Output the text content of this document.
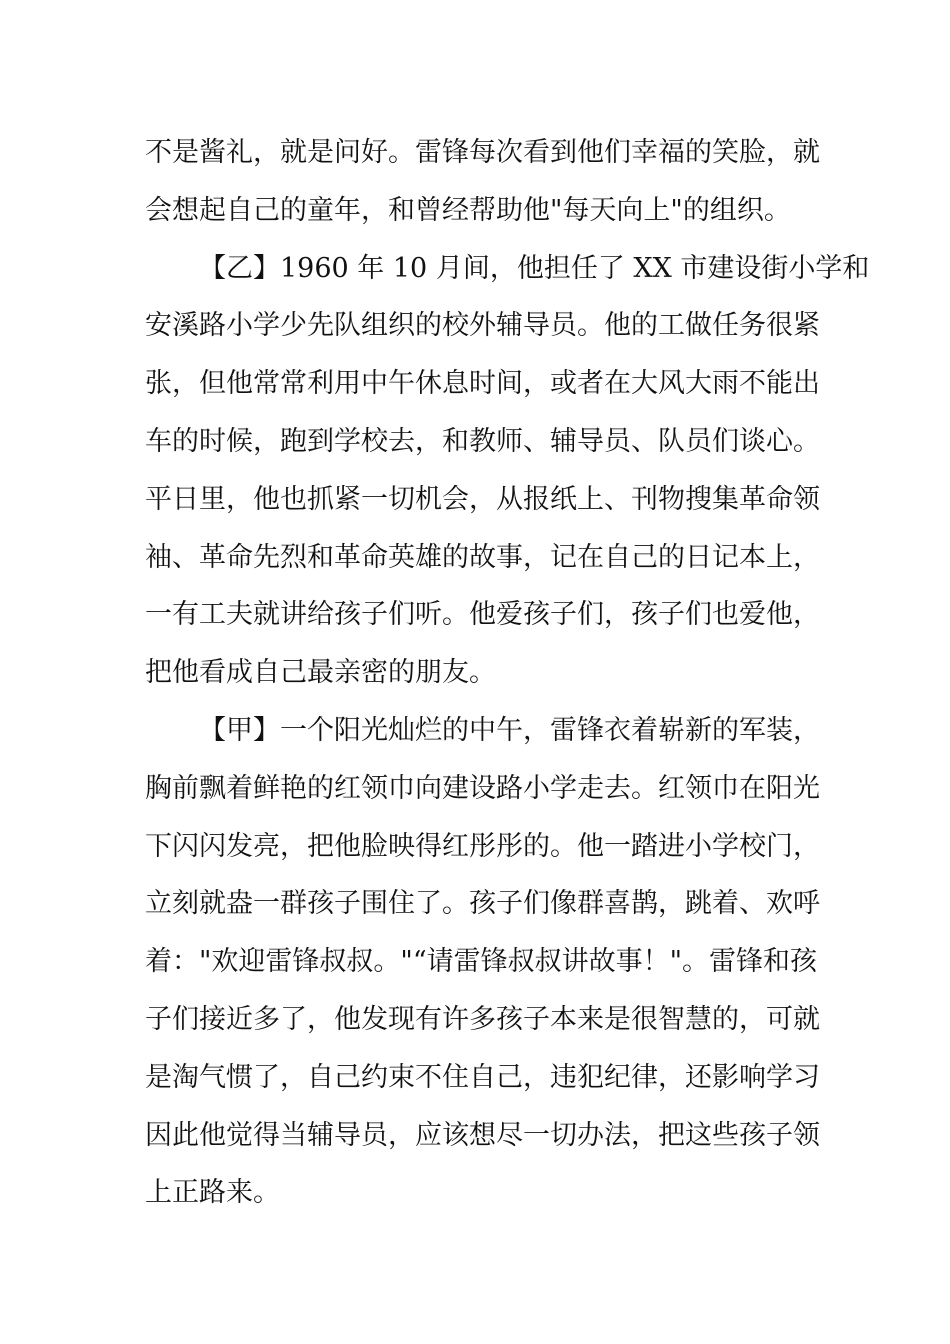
不是酱礼，就是问好。雷锋每次看到他们幸福的笑脸，就
会想起自己的童年，和曾经帮助他"每天向上"的组织。
【乙】1960 年 10 月间，他担任了 XX 市建设街小学和
安溪路小学少先队组织的校外辅导员。他的工做任务很紧
张，但他常常利用中午休息时间，或者在大风大雨不能出
车的时候，跑到学校去，和教师、辅导员、队员们谈心。
平日里，他也抓紧一切机会，从报纸上、刊物搜集革命领
袖、革命先烈和革命英雄的故事，记在自己的日记本上，
一有工夫就讲给孩子们听。他爱孩子们，孩子们也爱他，
把他看成自己最亲密的朋友。
【甲】一个阳光灿烂的中午，雷锋衣着崭新的军装，
胸前飘着鲜艳的红领巾向建设路小学走去。红领巾在阳光
下闪闪发亮，把他脸映得红彤彤的。他一踏进小学校门，
立刻就盎一群孩子围住了。孩子们像群喜鹊，跳着、欢呼
着："欢迎雷锋叔叔。"“请雷锋叔叔讲故事！"。雷锋和孩
子们接近多了，他发现有许多孩子本来是很智慧的，可就
是淘气惯了，自己约束不住自己，违犯纪律，还影响学习
因此他觉得当辅导员，应该想尽一切办法，把这些孩子领
上正路来。
